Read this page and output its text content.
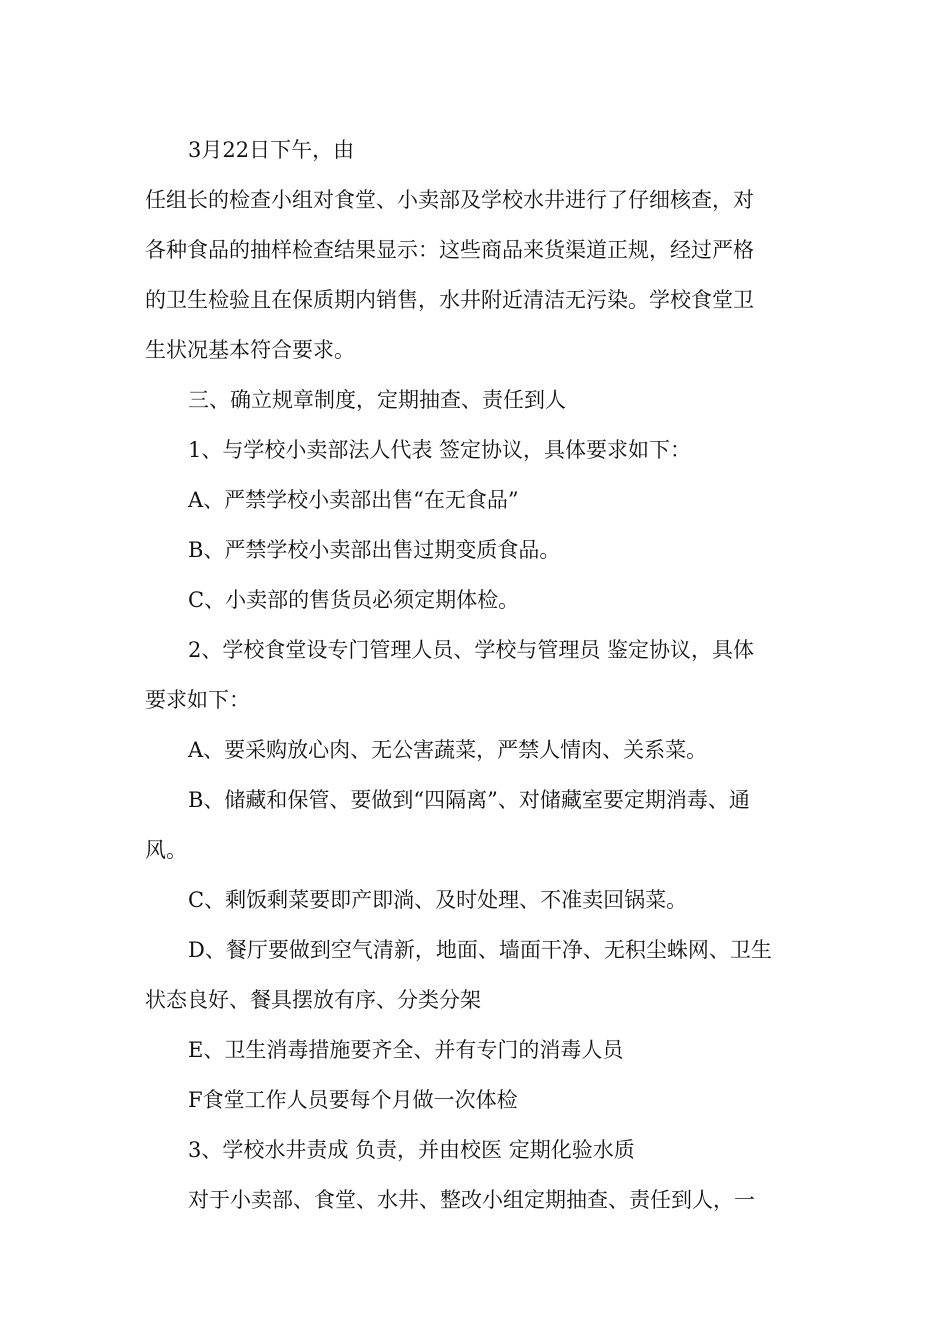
3月22日下午，由

任组长的检查小组对食堂、小卖部及学校水井进行了仔细核查，对

各种食品的抽样检查结果显示：这些商品来货渠道正规，经过严格

的卫生检验且在保质期内销售，水井附近清洁无污染。学校食堂卫

生状况基本符合要求。

三、确立规章制度，定期抽查、责任到人

1、与学校小卖部法人代表 签定协议，具体要求如下：

A、严禁学校小卖部出售“在无食品”

B、严禁学校小卖部出售过期变质食品。

C、小卖部的售货员必须定期体检。

2、学校食堂设专门管理人员、学校与管理员 鉴定协议，具体

要求如下：

A、要采购放心肉、无公害蔬菜，严禁人情肉、关系菜。

B、储藏和保管、要做到“四隔离”、对储藏室要定期消毒、通

风。

C、剩饭剩菜要即产即淌、及时处理、不准卖回锅菜。

D、餐厅要做到空气清新，地面、墙面干净、无积尘蛛网、卫生

状态良好、餐具摆放有序、分类分架

E、卫生消毒措施要齐全、并有专门的消毒人员

F食堂工作人员要每个月做一次体检

3、学校水井责成 负责，并由校医 定期化验水质

对于小卖部、食堂、水井、整改小组定期抽查、责任到人，一
